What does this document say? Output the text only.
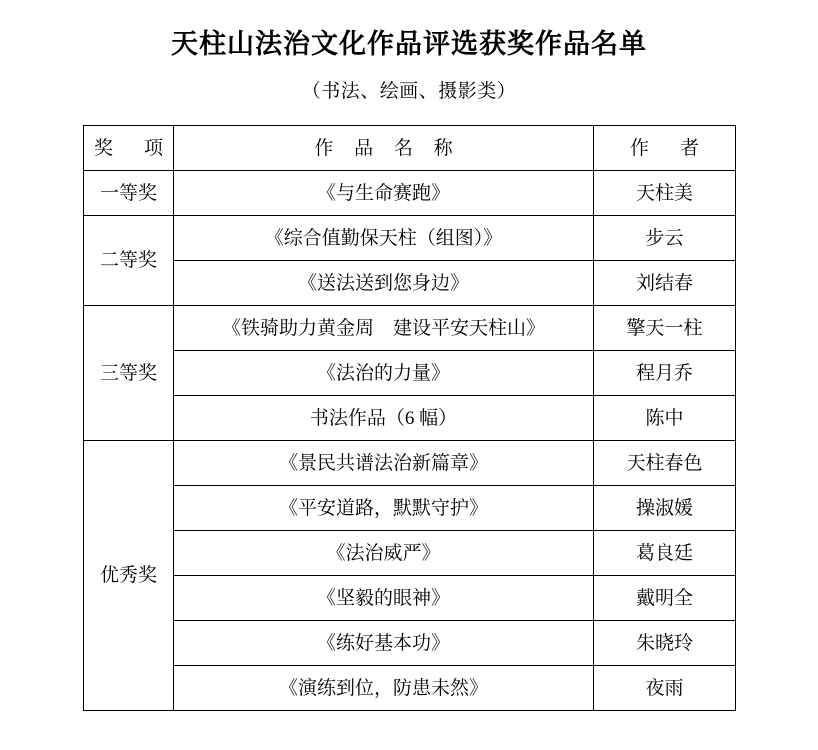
天柱山法治文化作品评选获奖作品名单
（书法、绘画、摄影类）
奖　项	作 品 名 称	作　者
一等奖	《与生命赛跑》	天柱美
二等奖	《综合值勤保天柱（组图）》	步云
	《送法送到您身边》	刘结春
三等奖	《铁骑助力黄金周　建设平安天柱山》	擎天一柱
	《法治的力量》	程月乔
	书法作品（6 幅）	陈中
优秀奖	《景民共谱法治新篇章》	天柱春色
	《平安道路，默默守护》	操淑媛
	《法治威严》	葛良廷
	《坚毅的眼神》	戴明全
	《练好基本功》	朱晓玲
	《演练到位，防患未然》	夜雨
